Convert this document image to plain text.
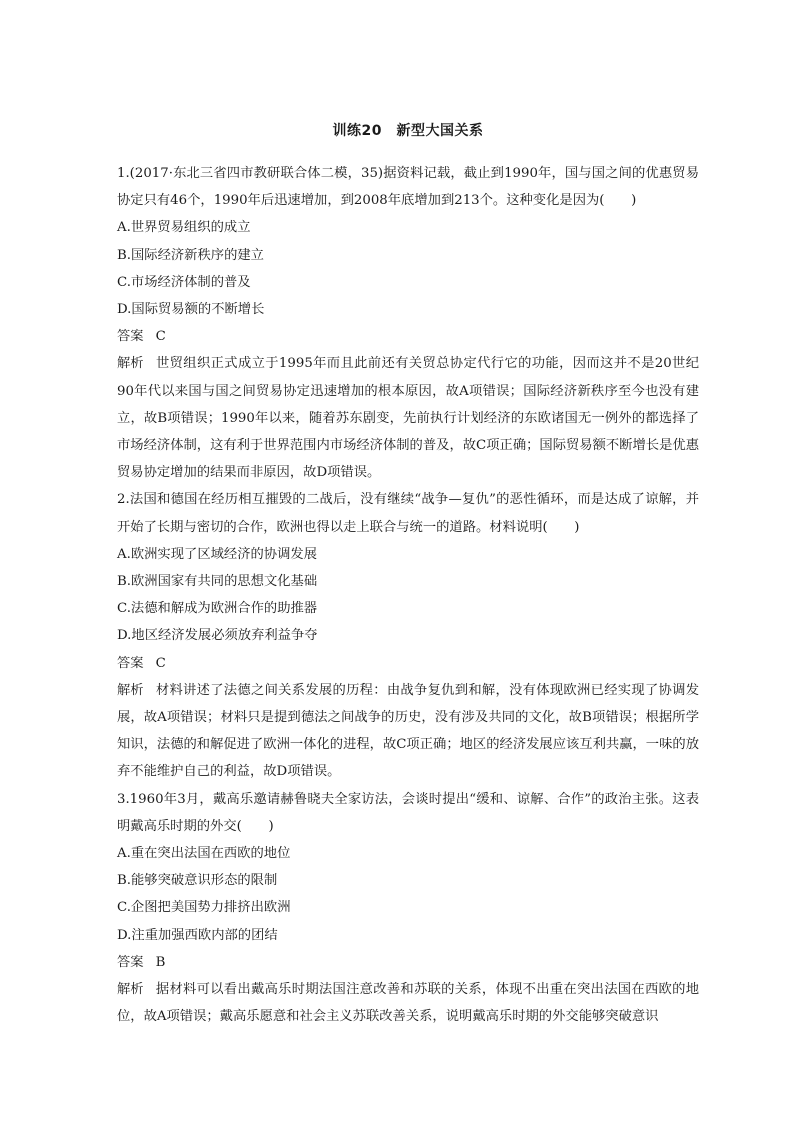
训练20　新型大国关系

1.(2017·东北三省四市教研联合体二模，35)据资料记载，截止到1990年，国与国之间的优惠贸易协定只有46个，1990年后迅速增加，到2008年底增加到213个。这种变化是因为(　　)

A.世界贸易组织的成立

B.国际经济新秩序的建立

C.市场经济体制的普及

D.国际贸易额的不断增长

答案 C

解析 世贸组织正式成立于1995年而且此前还有关贸总协定代行它的功能，因而这并不是20世纪90年代以来国与国之间贸易协定迅速增加的根本原因，故A项错误；国际经济新秩序至今也没有建立，故B项错误；1990年以来，随着苏东剧变，先前执行计划经济的东欧诸国无一例外的都选择了市场经济体制，这有利于世界范围内市场经济体制的普及，故C项正确；国际贸易额不断增长是优惠贸易协定增加的结果而非原因，故D项错误。

2.法国和德国在经历相互摧毁的二战后，没有继续“战争—复仇”的恶性循环，而是达成了谅解，并开始了长期与密切的合作，欧洲也得以走上联合与统一的道路。材料说明(　　)

A.欧洲实现了区域经济的协调发展

B.欧洲国家有共同的思想文化基础

C.法德和解成为欧洲合作的助推器

D.地区经济发展必须放弃利益争夺

答案 C

解析 材料讲述了法德之间关系发展的历程：由战争复仇到和解，没有体现欧洲已经实现了协调发展，故A项错误；材料只是提到德法之间战争的历史，没有涉及共同的文化，故B项错误；根据所学知识，法德的和解促进了欧洲一体化的进程，故C项正确；地区的经济发展应该互利共赢，一味的放弃不能维护自己的利益，故D项错误。

3.1960年3月，戴高乐邀请赫鲁晓夫全家访法，会谈时提出“缓和、谅解、合作”的政治主张。这表明戴高乐时期的外交(　　)

A.重在突出法国在西欧的地位

B.能够突破意识形态的限制

C.企图把美国势力排挤出欧洲

D.注重加强西欧内部的团结

答案 B

解析 据材料可以看出戴高乐时期法国注意改善和苏联的关系，体现不出重在突出法国在西欧的地位，故A项错误；戴高乐愿意和社会主义苏联改善关系，说明戴高乐时期的外交能够突破意识
